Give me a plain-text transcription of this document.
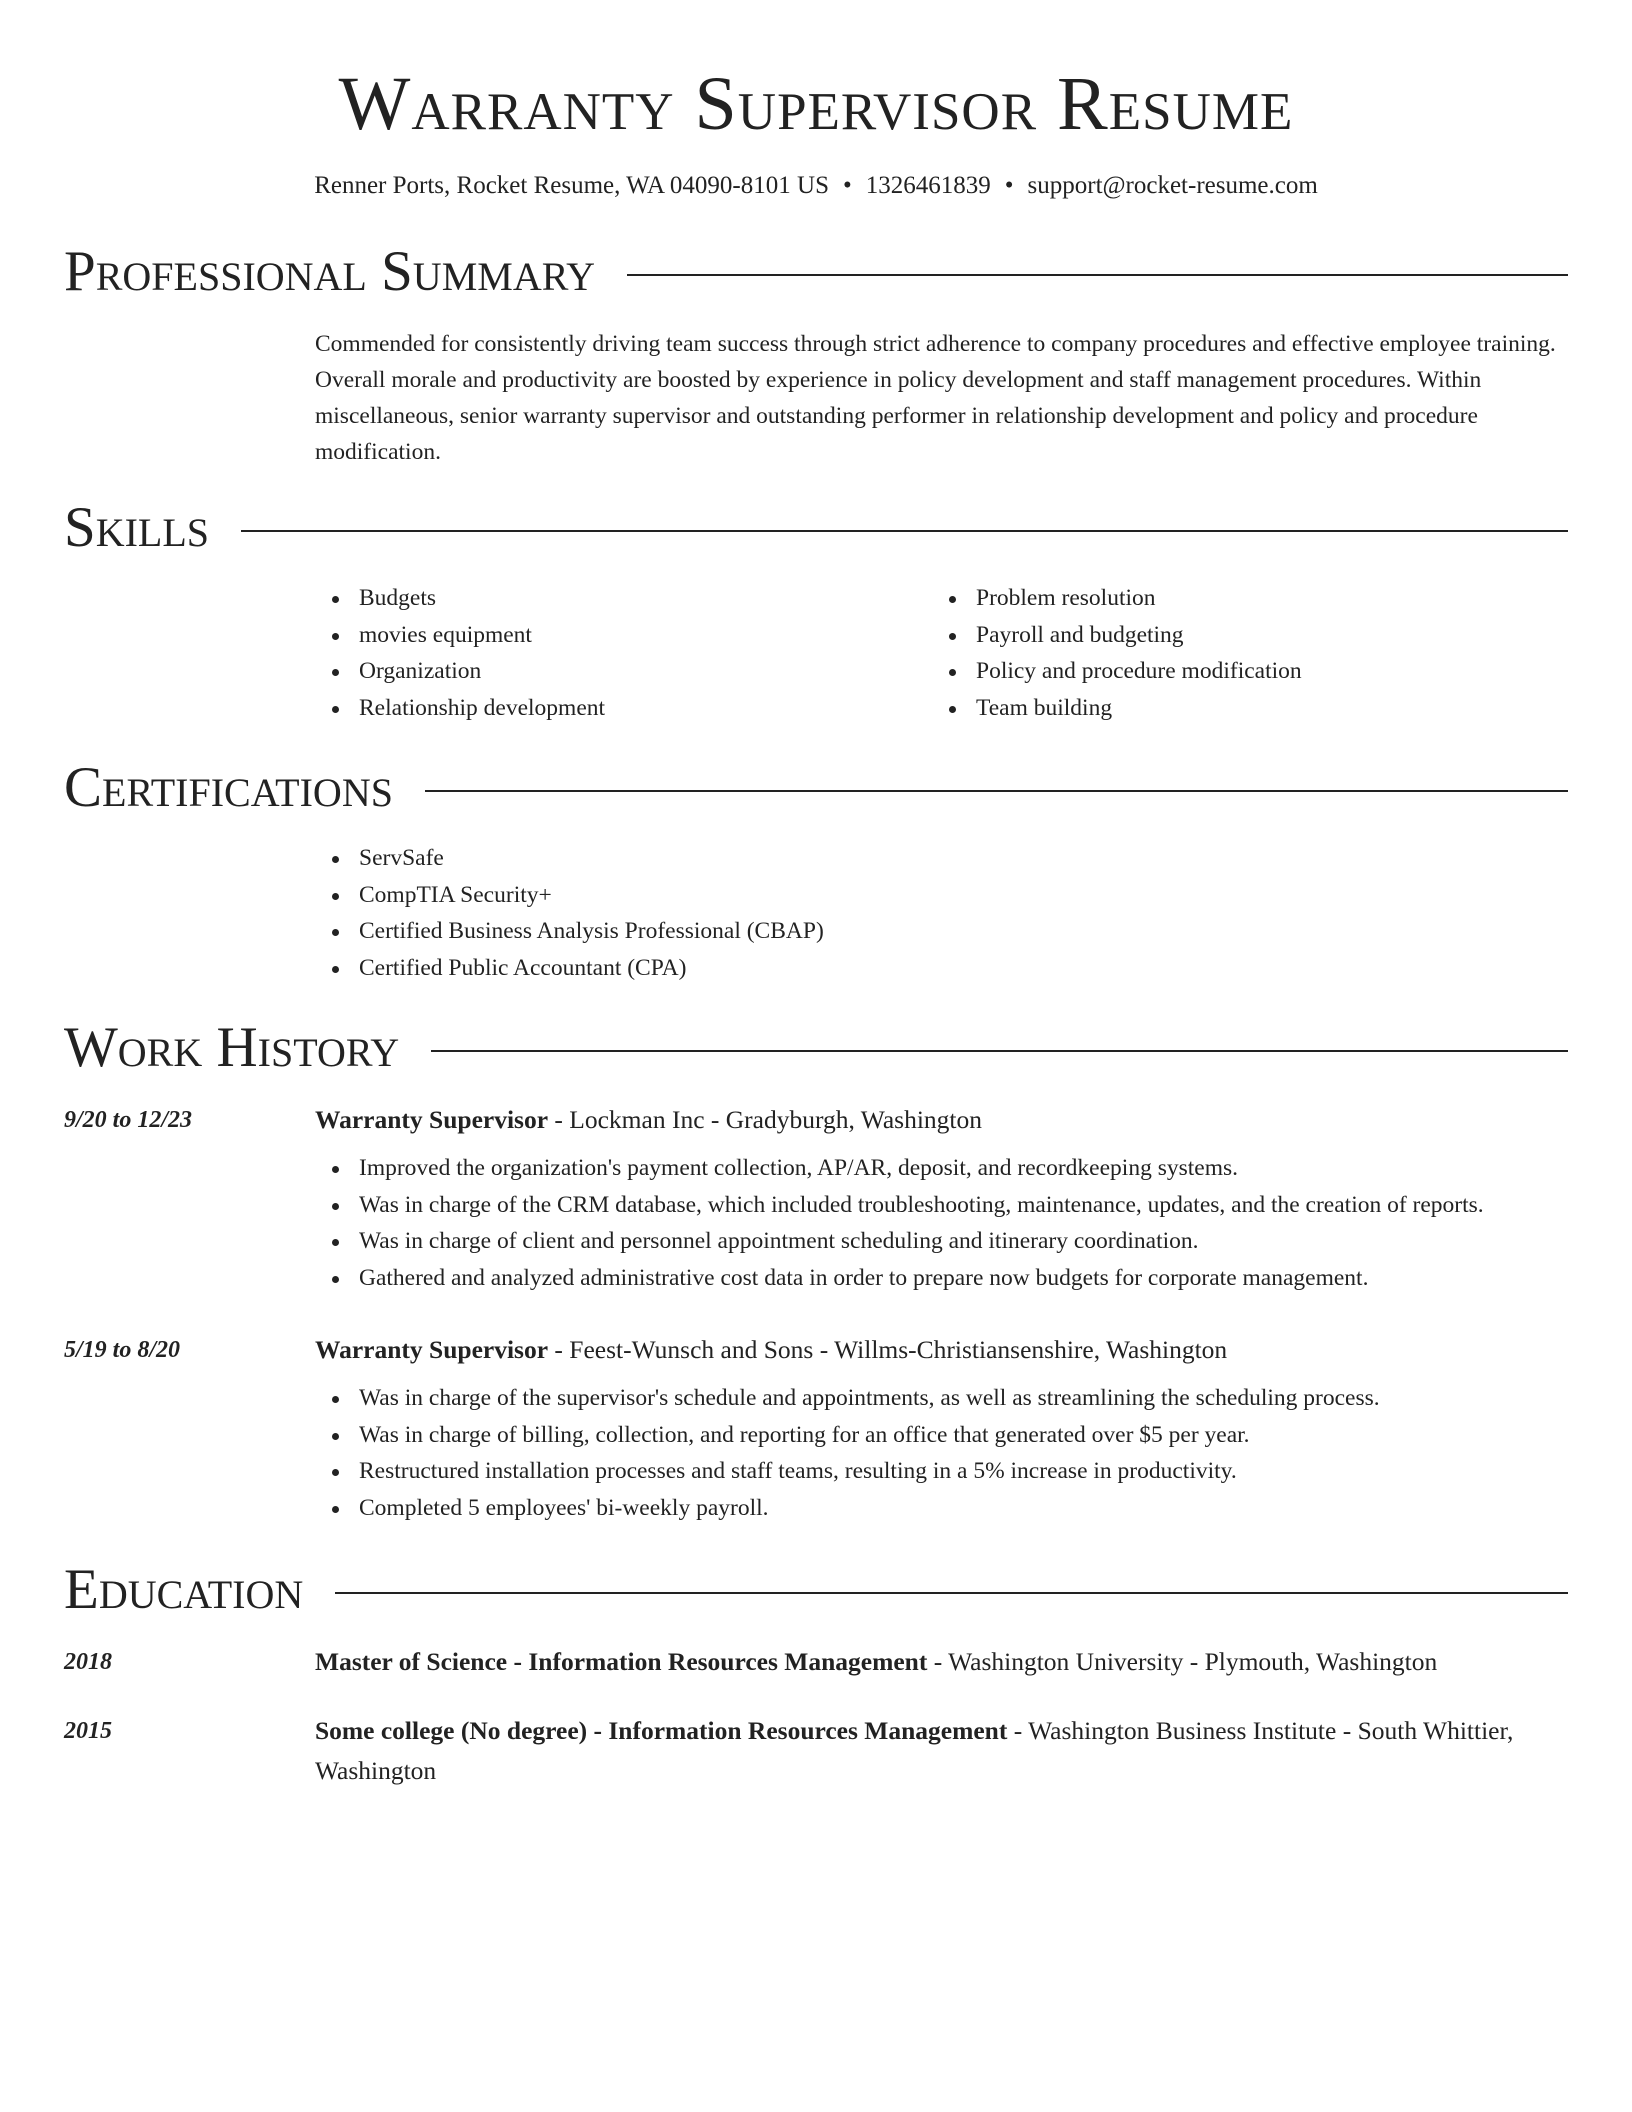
Warranty Supervisor Resume
Renner Ports, Rocket Resume, WA 04090-8101 US • 1326461839 • support@rocket-resume.com
Professional Summary

Commended for consistently driving team success through strict adherence to company procedures and effective employee training. Overall morale and productivity are boosted by experience in policy development and staff management procedures. Within miscellaneous, senior warranty supervisor and outstanding performer in relationship development and policy and procedure modification.

Skills
Budgets
movies equipment
Organization
Relationship development
Problem resolution
Payroll and budgeting
Policy and procedure modification
Team building
Certifications
ServSafe
CompTIA Security+
Certified Business Analysis Professional (CBAP)
Certified Public Accountant (CPA)
Work History
9/20 to 12/23	Warranty Supervisor - Lockman Inc - Gradyburgh, Washington
Improved the organization's payment collection, AP/AR, deposit, and recordkeeping systems.
Was in charge of the CRM database, which included troubleshooting, maintenance, updates, and the creation of reports.
Was in charge of client and personnel appointment scheduling and itinerary coordination.
Gathered and analyzed administrative cost data in order to prepare now budgets for corporate management.
5/19 to 8/20	Warranty Supervisor - Feest-Wunsch and Sons - Willms-Christiansenshire, Washington
Was in charge of the supervisor's schedule and appointments, as well as streamlining the scheduling process.
Was in charge of billing, collection, and reporting for an office that generated over $5 per year.
Restructured installation processes and staff teams, resulting in a 5% increase in productivity.
Completed 5 employees' bi-weekly payroll.
Education
2018	Master of Science - Information Resources Management - Washington University - Plymouth, Washington
2015	Some college (No degree) - Information Resources Management - Washington Business Institute - South Whittier, Washington
